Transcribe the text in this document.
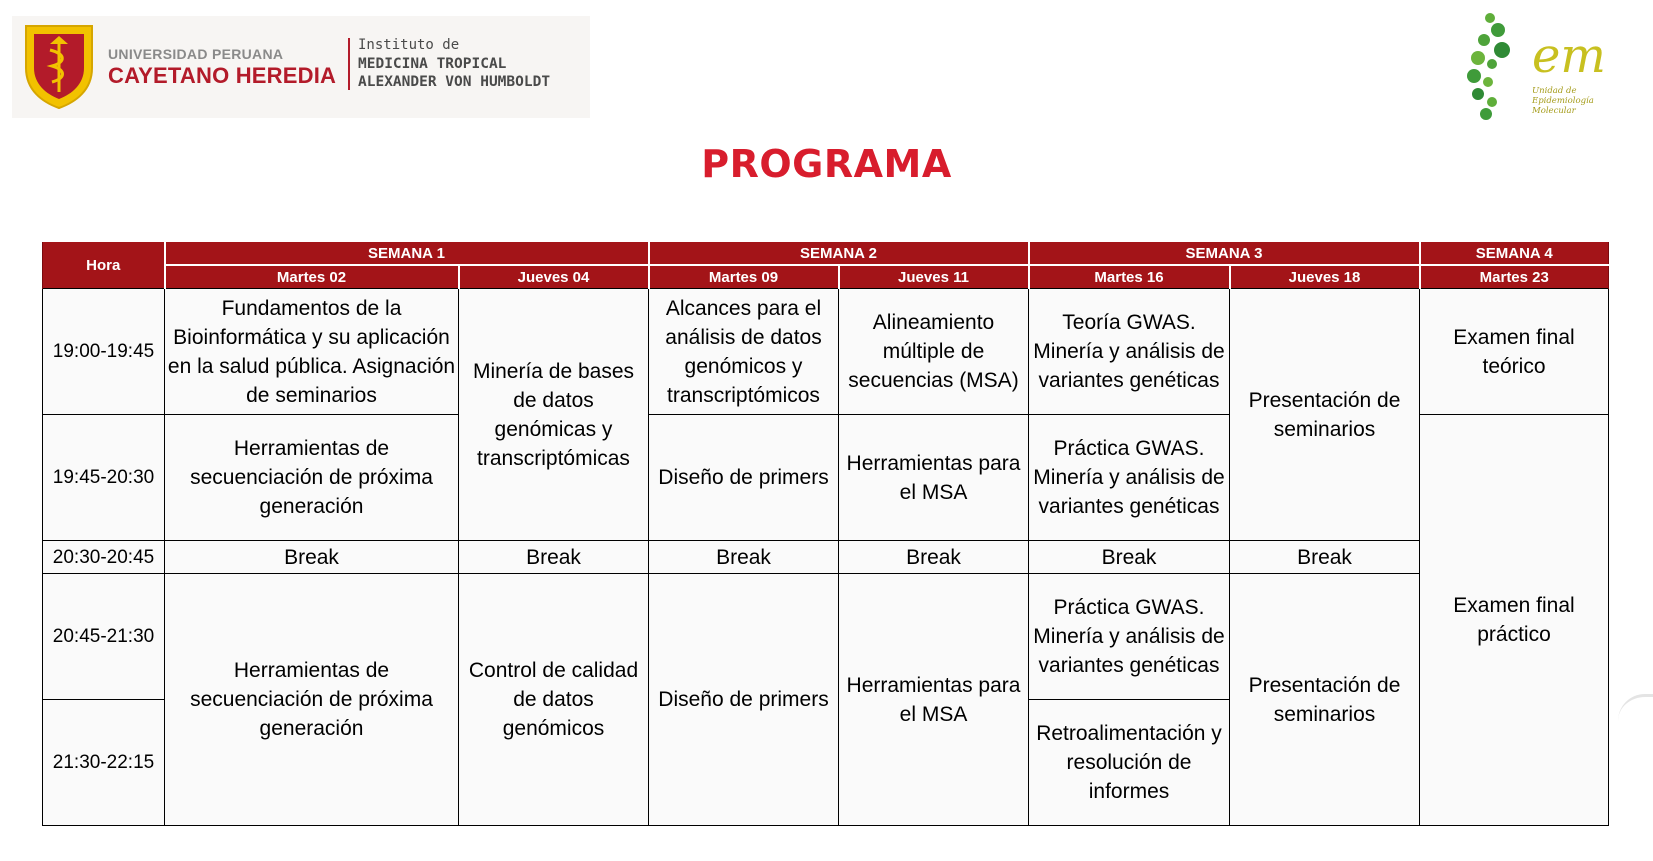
UNIVERSIDAD PERUANA
CAYETANO HEREDIA
Instituto de
MEDICINA TROPICAL
ALEXANDER VON HUMBOLDT	em
Unidad de
Epidemiología
Molecular
PROGRAMA
Hora	SEMANA 1		SEMANA 2		SEMANA 3		SEMANA 4
	Martes 02	Jueves 04	Martes 09	Jueves 11	Martes 16	Jueves 18	Martes 23
19:00-19:45	Fundamentos de la Bioinformática y su aplicación en la salud pública. Asignación de seminarios	Minería de bases de datos genómicas y transcriptómicas	Alcances para el análisis de datos genómicos y transcriptómicos	Alineamiento múltiple de secuencias (MSA)	Teoría GWAS. Minería y análisis de variantes genéticas	Presentación de seminarios	Examen final teórico
19:45-20:30	Herramientas de secuenciación de próxima generación		Diseño de primers	Herramientas para el MSA	Práctica GWAS. Minería y análisis de variantes genéticas		Examen final práctico
20:30-20:45	Break	Break	Break	Break	Break	Break	
20:45-21:30	Herramientas de secuenciación de próxima generación	Control de calidad de datos genómicos	Diseño de primers	Herramientas para el MSA	Práctica GWAS. Minería y análisis de variantes genéticas	Presentación de seminarios	
21:30-22:15					Retroalimentación y resolución de informes		
